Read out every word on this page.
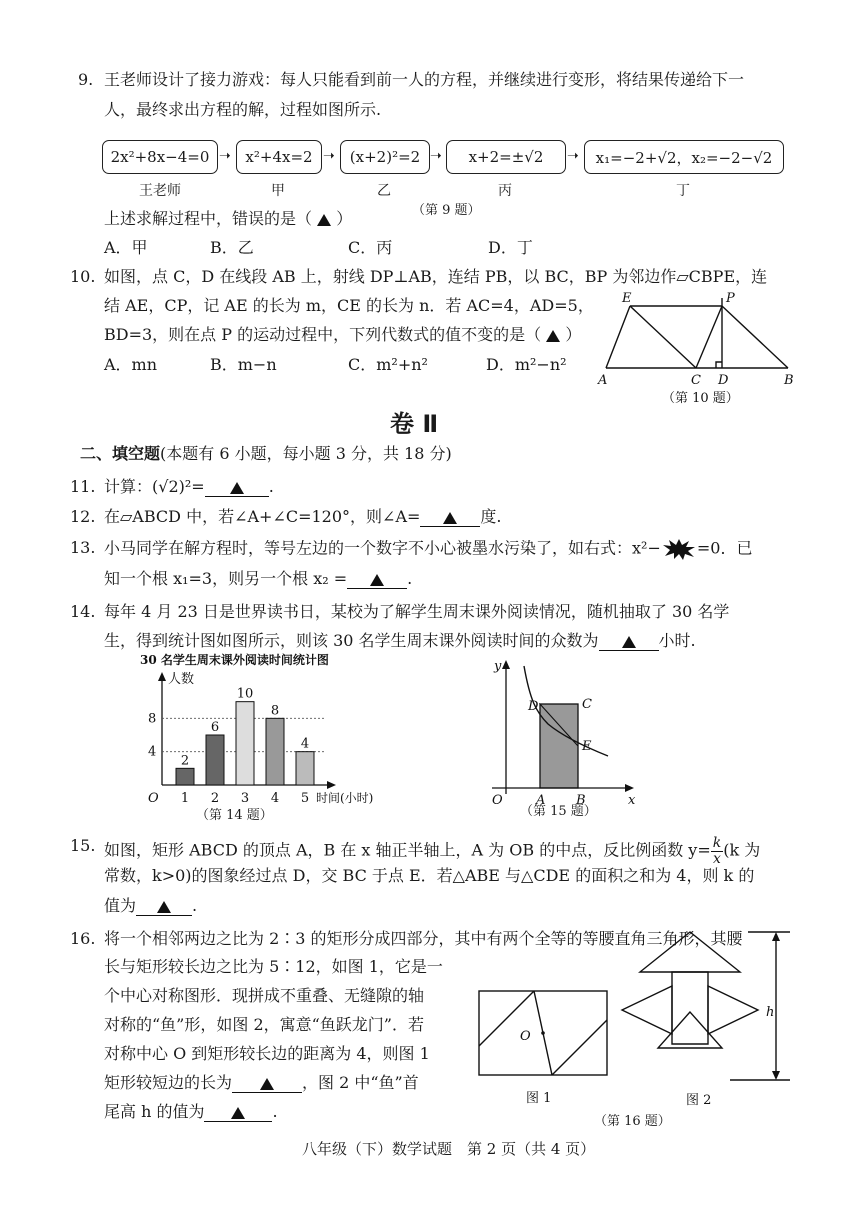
9. 王老师设计了接力游戏：每人只能看到前一人的方程，并继续进行变形，将结果传递给下一
人，最终求出方程的解，过程如图所示.
2x²+8x−4=0 ➝ x²+4x=2 ➝	(x+2)²=2 ➝	x+2=±√2	➝	x₁=−2+√2，x₂=−2−√2
王老师	甲	乙	丙	丁
（第 9 题）
上述求解过程中，错误的是（ ）
A．甲	B．乙	C．丙	D．丁
10. 如图，点 C，D 在线段 AB 上，射线 DP⊥AB，连结 PB，以 BC，BP 为邻边作▱CBPE，连
结 AE，CP，记 AE 的长为 m，CE 的长为 n．若 AC=4，AD=5，
BD=3，则在点 P 的运动过程中，下列代数式的值不变的是（ ）
A．mn	B．m−n	C．m²+n²	D．m²−n²
E	P
A	C D	B
（第 10 题）
卷 Ⅱ
二、填空题(本题有 6 小题，每小题 3 分，共 18 分)
11. 计算：(√2)²=	.
12. 在▱ABCD 中，若∠A+∠C=120°，则∠A=	度.
13. 小马同学在解方程时，等号左边的一个数字不小心被墨水污染了，如右式：x²− =0．已
知一个根 x₁=3，则另一个根 x₂ =	.
14. 每年 4 月 23 日是世界读书日，某校为了解学生周末课外阅读情况，随机抽取了 30 名学
生，得到统计图如图所示，则该 30 名学生周末课外阅读时间的众数为	小时.
30 名学生周末课外阅读时间统计图
人数
时间(小时)
O
4
8
2
1
6
2
10
3
8
4
4
5
（第 14 题）
y
x
O	A B
C
D
E
（第 15 题）
15. 如图，矩形 ABCD 的顶点 A，B 在 x 轴正半轴上，A 为 OB 的中点，反比例函数 $y= \frac{k}{x} (k$ 为
常数，k>0)的图象经过点 D，交 BC 于点 E．若△ABE 与△CDE 的面积之和为 4，则 k 的
值为	.
16. 将一个相邻两边之比为 2∶3 的矩形分成四部分，其中有两个全等的等腰直角三角形，其腰
长与矩形较长边之比为 5∶12，如图 1，它是一
个中心对称图形．现拼成不重叠、无缝隙的轴
对称的“鱼”形，如图 2，寓意“鱼跃龙门”．若
对称中心 O 到矩形较长边的距离为 4，则图 1
矩形较短边的长为	，图 2 中“鱼”首
尾高 h 的值为	.
O
图 1
h
图 2
（第 16 题）
八年级（下）数学试题　第 2 页（共 4 页）
